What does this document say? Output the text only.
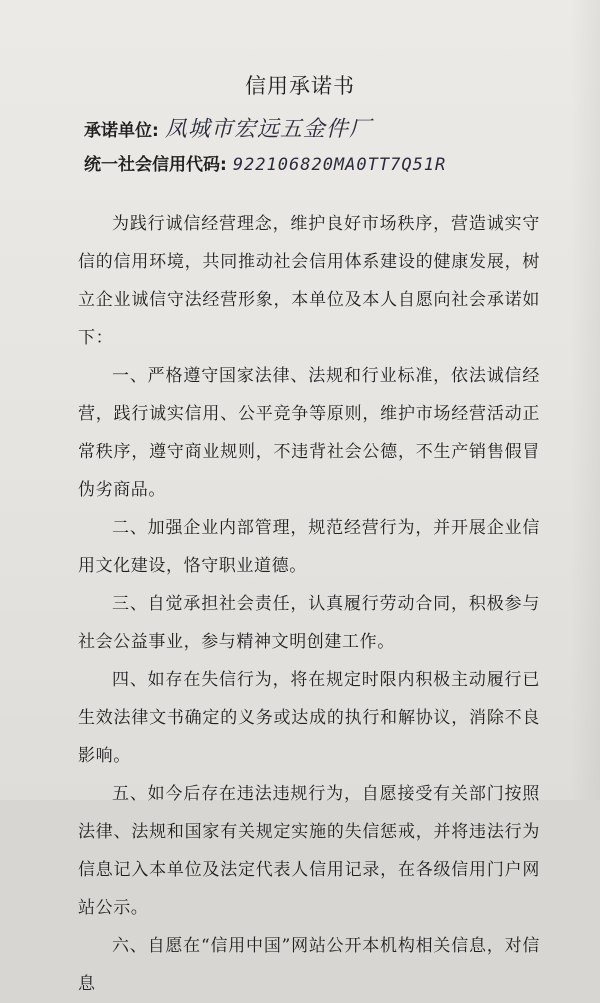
信用承诺书
承诺单位: 凤城市宏远五金件厂
统一社会信用代码: 922106820MA0TT7Q51R

为践行诚信经营理念，维护良好市场秩序，营造诚实守信的信用环境，共同推动社会信用体系建设的健康发展，树立企业诚信守法经营形象，本单位及本人自愿向社会承诺如下：

一、严格遵守国家法律、法规和行业标准，依法诚信经营，践行诚实信用、公平竞争等原则，维护市场经营活动正常秩序，遵守商业规则，不违背社会公德，不生产销售假冒伪劣商品。

二、加强企业内部管理，规范经营行为，并开展企业信用文化建设，恪守职业道德。

三、自觉承担社会责任，认真履行劳动合同，积极参与社会公益事业，参与精神文明创建工作。

四、如存在失信行为，将在规定时限内积极主动履行已生效法律文书确定的义务或达成的执行和解协议，消除不良影响。

五、如今后存在违法违规行为，自愿接受有关部门按照法律、法规和国家有关规定实施的失信惩戒，并将违法行为信息记入本单位及法定代表人信用记录，在各级信用门户网站公示。

六、自愿在“信用中国”网站公开本机构相关信息，对信息
